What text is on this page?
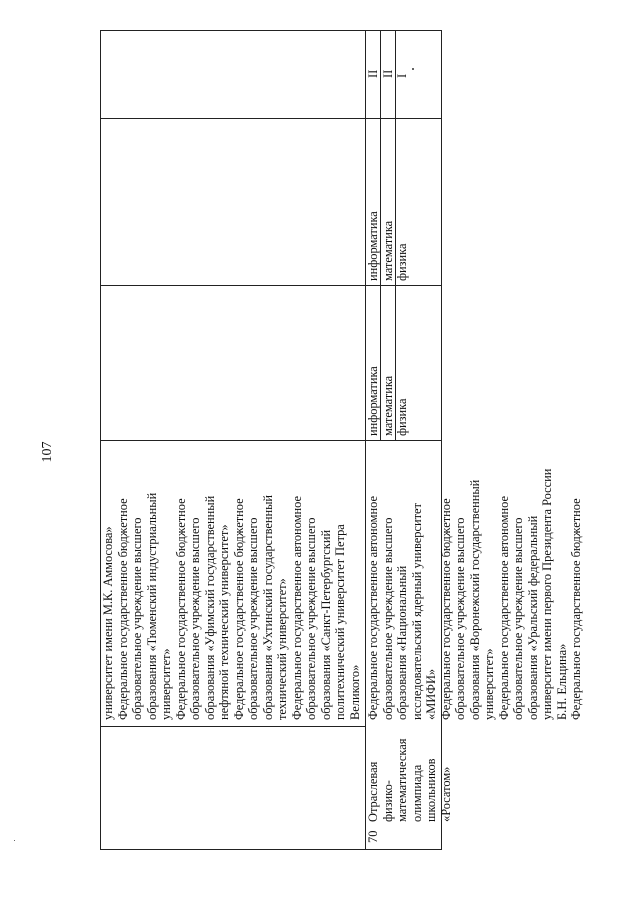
107
университет имени М.К. Аммосова» Федеральное государственное бюджетное образовательное учреждение высшего образования «Тюменский индустриальный университет» Федеральное государственное бюджетное образовательное учреждение высшего образования «Уфимский государственный нефтяной технический университет» Федеральное государственное бюджетное образовательное учреждение высшего образования «Ухтинский государственный технический университет» Федеральное государственное автономное образовательное учреждение высшего образования «Санкт-Петербургский политехнический университет Петра Великого»
70
Отраслевая физико- математическая олимпиада школьников «Росатом»
Федеральное государственное автономное образовательное учреждение высшего образования «Национальный исследовательский ядерный университет «МИФИ» Федеральное государственное бюджетное образовательное учреждение высшего образования «Воронежский государственный университет» Федеральное государственное автономное образовательное учреждение высшего образования «Уральский федеральный университет имени первого Президента России Б.Н. Ельцина» Федеральное государственное бюджетное
информатика математика физика
информатика математика физика
II II I
